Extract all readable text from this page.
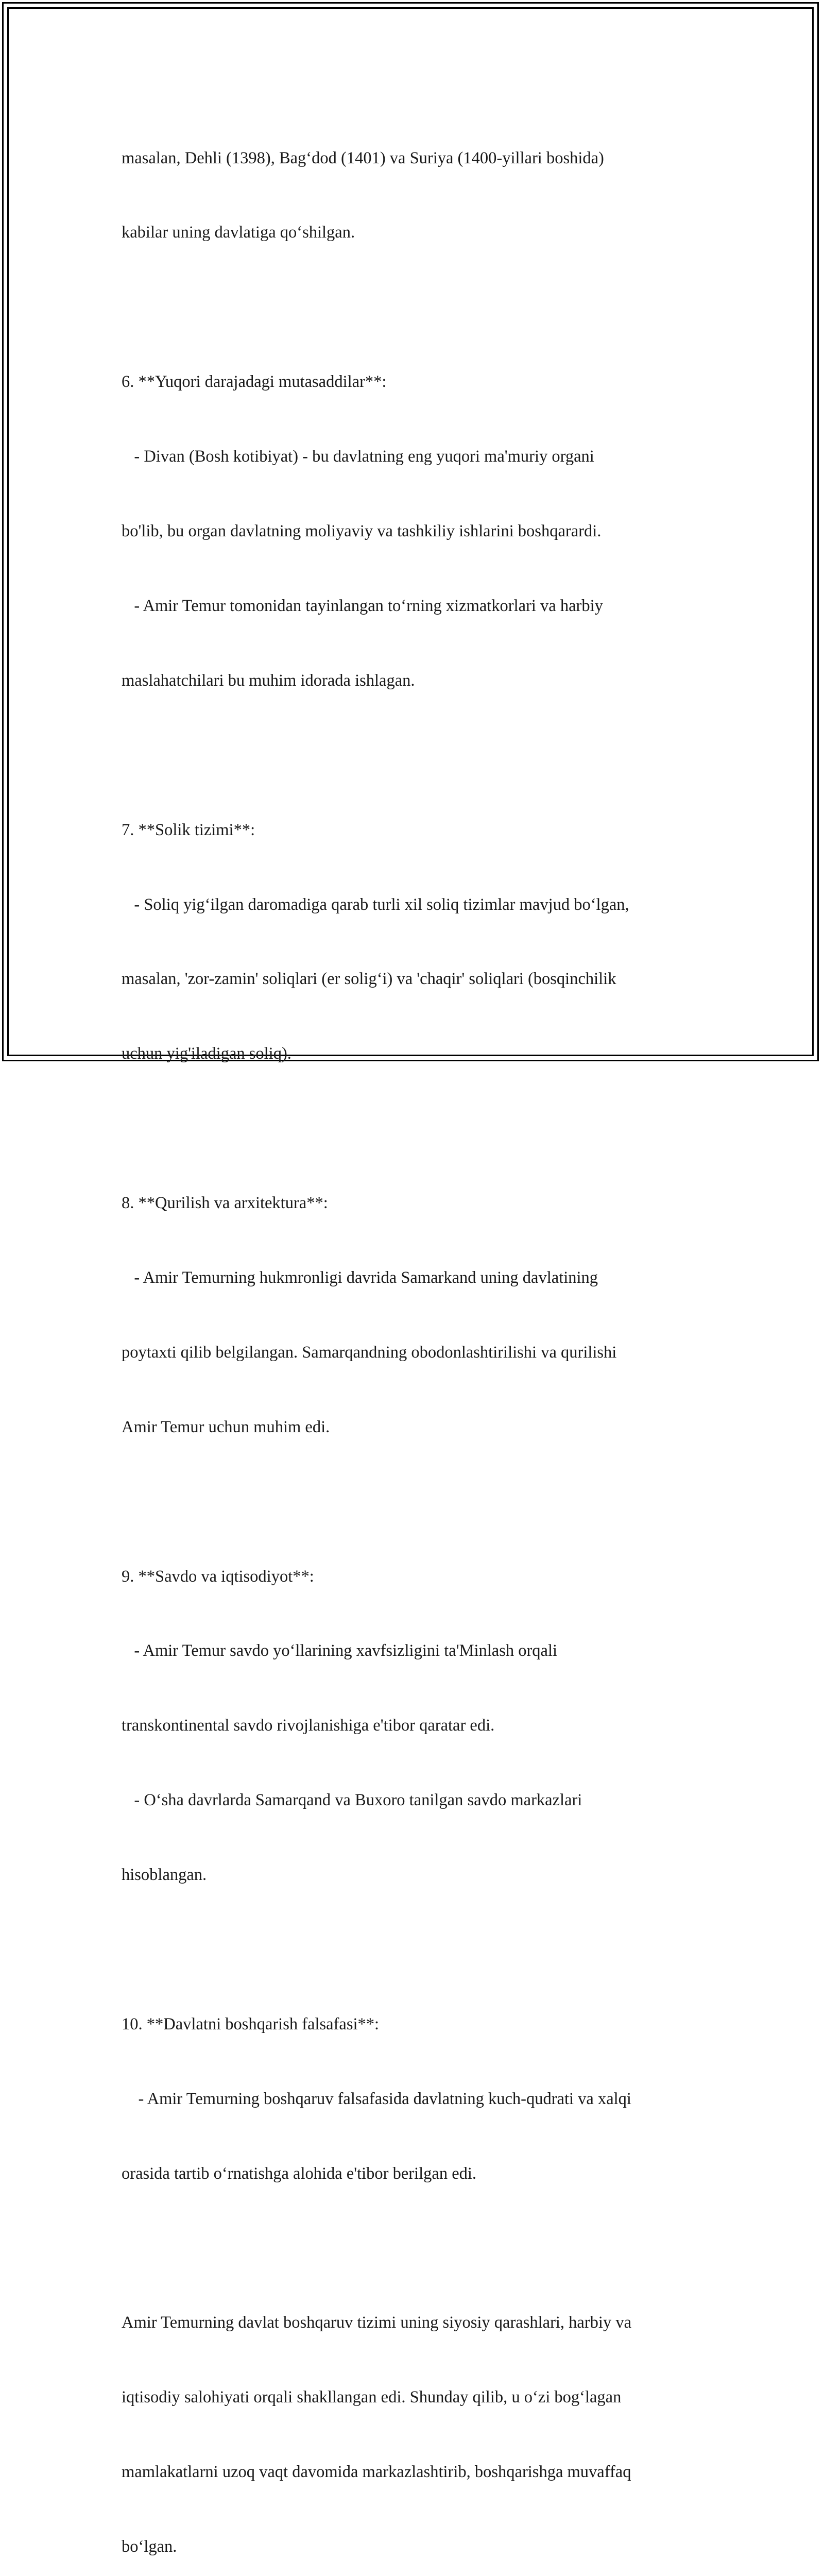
masalan, Dehli (1398), Bag‘dod (1401) va Suriya (1400-yillari boshida)

kabilar uning davlatiga qo‘shilgan.

6. **Yuqori darajadagi mutasaddilar**:

- Divan (Bosh kotibiyat) - bu davlatning eng yuqori ma'muriy organi

bo'lib, bu organ davlatning moliyaviy va tashkiliy ishlarini boshqarardi.

- Amir Temur tomonidan tayinlangan to‘rning xizmatkorlari va harbiy

maslahatchilari bu muhim idorada ishlagan.

7. **Solik tizimi**:

- Soliq yig‘ilgan daromadiga qarab turli xil soliq tizimlar mavjud bo‘lgan,

masalan, 'zor-zamin' soliqlari (er solig‘i) va 'chaqir' soliqlari (bosqinchilik

uchun yig'iladigan soliq).

8. **Qurilish va arxitektura**:

- Amir Temurning hukmronligi davrida Samarkand uning davlatining

poytaxti qilib belgilangan. Samarqandning obodonlashtirilishi va qurilishi

Amir Temur uchun muhim edi.

9. **Savdo va iqtisodiyot**:

- Amir Temur savdo yo‘llarining xavfsizligini ta'Minlash orqali

transkontinental savdo rivojlanishiga e'tibor qaratar edi.

- O‘sha davrlarda Samarqand va Buxoro tanilgan savdo markazlari

hisoblangan.

10. **Davlatni boshqarish falsafasi**:

- Amir Temurning boshqaruv falsafasida davlatning kuch-qudrati va xalqi

orasida tartib o‘rnatishga alohida e'tibor berilgan edi.

Amir Temurning davlat boshqaruv tizimi uning siyosiy qarashlari, harbiy va

iqtisodiy salohiyati orqali shakllangan edi. Shunday qilib, u o‘zi bog‘lagan

mamlakatlarni uzoq vaqt davomida markazlashtirib, boshqarishga muvaffaq

bo‘lgan.
